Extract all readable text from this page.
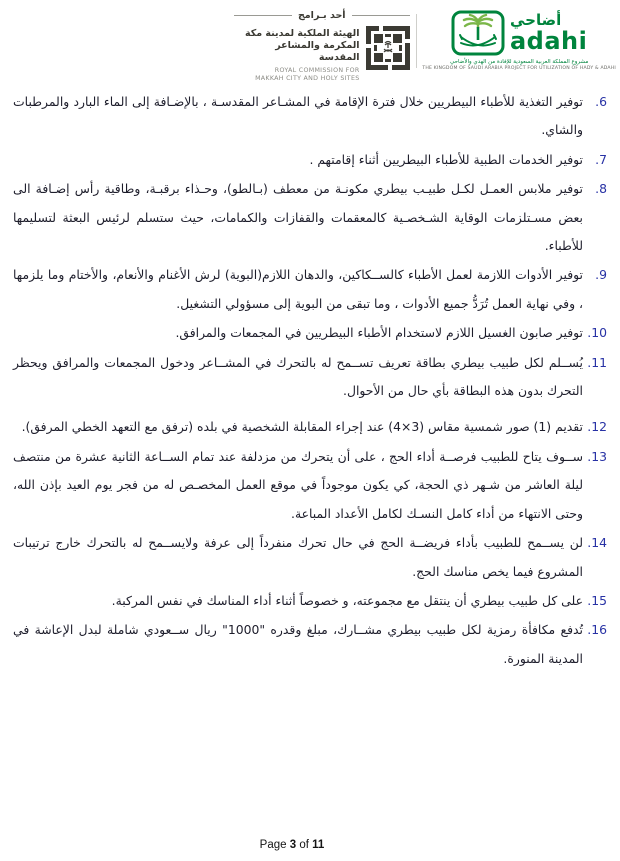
أحد بـرامج
الهيئة الملكية لمدينة مكة
المكرمة والمشاعر المقدسة
ROYAL COMMISSION FOR
MAKKAH CITY AND HOLY SITES
أضاحي
adahi
مشروع المملكة العربية السعودية للإفادة من الهدي والأضاحي
THE KINGDOM OF SAUDI ARABIA PROJECT FOR UTILIZATION OF HADY & ADAHI
6.
توفير التغذية للأطباء البيطريين خلال فترة الإقامة في المشـاعر المقدسـة ، بالإضـافة إلى الماء البارد والمرطبات والشاي.
7.
توفير الخدمات الطبية للأطباء البيطريين أثناء إقامتهم .
8.
توفير ملابس العمـل لكـل طبيـب بيطري مكونـة من معطف (بـالطو)، وحـذاء برقبـة، وطاقية رأس إضـافة الى بعض مسـتلزمات الوقاية الشـخصـية كالمعقمات والقفازات والكمامات، حيث ستسلم لرئيس البعثة لتسليمها للأطباء.
9.
توفير الأدوات اللازمة لعمل الأطباء كالســكاكين، والدهان اللازم(البوية) لرش الأغنام والأنعام، والأختام وما يلزمها ، وفي نهاية العمل تُرَدُّ جميع الأدوات ، وما تبقى من البوية إلى مسؤولي التشغيل.
10.
توفير صابون الغسيل اللازم لاستخدام الأطباء البيطريين في المجمعات والمرافق.
11.
يُســلم لكل طبيب بيطري بطاقة تعريف تســمح له بالتحرك في المشــاعر ودخول المجمعات والمرافق ويحظر التحرك بدون هذه البطاقة بأي حال من الأحوال.
12.
تقديم (1) صور شمسية مقاس (3×4) عند إجراء المقابلة الشخصية في بلده (ترفق مع التعهد الخطي المرفق).
13.
ســوف يتاح للطبيب فرصــة أداء الحج ، على أن يتحرك من مزدلفة عند تمام الســاعة الثانية عشرة من منتصف ليلة العاشر من شـهر ذي الحجة، كي يكون موجوداً في موقع العمل المخصـص له من فجر يوم العيد بإذن الله، وحتى الانتهاء من أداء كامل النسـك لكامل الأعداد المباعة.
14.
لن يســمح للطبيب بأداء فريضــة الحج في حال تحرك منفرداً إلى عرفة ولايســمح له بالتحرك خارج ترتيبات المشروع فيما يخص مناسك الحج.
15.
على كل طبيب بيطري أن ينتقل مع مجموعته، و خصوصاً أثناء أداء المناسك في نفس المركبة.
16.
تُدفع مكافأة رمزية لكل طبيب بيطري مشــارك، مبلغ وقدره "1000" ريال ســعودي شاملة لبدل الإعاشة في المدينة المنورة.
Page 3 of 11
